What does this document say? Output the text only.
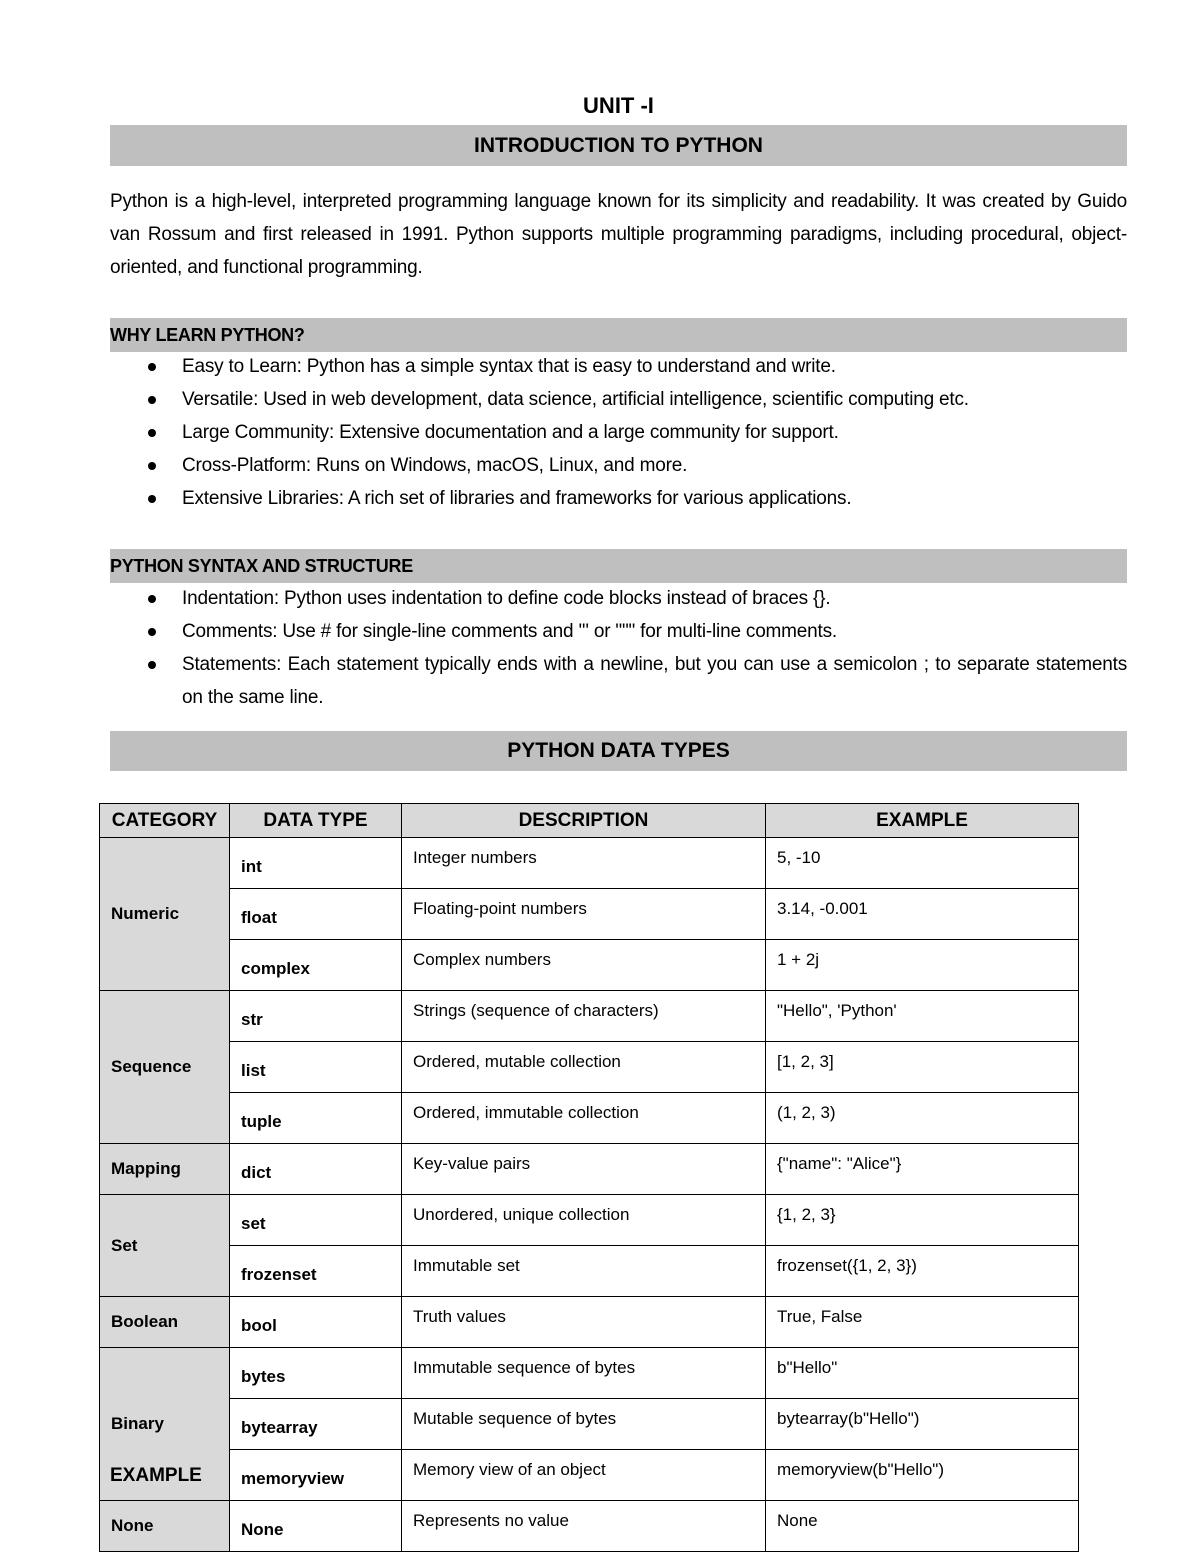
UNIT -I
INTRODUCTION TO PYTHON
Python is a high-level, interpreted programming language known for its simplicity and readability. It was created by Guido van Rossum and first released in 1991. Python supports multiple programming paradigms, including procedural, object-oriented, and functional programming.
WHY LEARN PYTHON?
Easy to Learn: Python has a simple syntax that is easy to understand and write.
Versatile: Used in web development, data science, artificial intelligence, scientific computing etc.
Large Community: Extensive documentation and a large community for support.
Cross-Platform: Runs on Windows, macOS, Linux, and more.
Extensive Libraries: A rich set of libraries and frameworks for various applications.
PYTHON SYNTAX AND STRUCTURE
Indentation: Python uses indentation to define code blocks instead of braces {}.
Comments: Use # for single-line comments and ''' or """ for multi-line comments.
Statements: Each statement typically ends with a newline, but you can use a semicolon ; to separate statements on the same line.
PYTHON DATA TYPES
CATEGORY	DATA TYPE	DESCRIPTION	EXAMPLE
Numeric	int	Integer numbers	5, -10
	float	Floating-point numbers	3.14, -0.001
	complex	Complex numbers	1 + 2j
Sequence	str	Strings (sequence of characters)	"Hello", 'Python'
	list	Ordered, mutable collection	[1, 2, 3]
	tuple	Ordered, immutable collection	(1, 2, 3)
Mapping	dict	Key-value pairs	{"name": "Alice"}
Set	set	Unordered, unique collection	{1, 2, 3}
	frozenset	Immutable set	frozenset({1, 2, 3})
Boolean	bool	Truth values	True, False
Binary	bytes	Immutable sequence of bytes	b"Hello"
	bytearray	Mutable sequence of bytes	bytearray(b"Hello")
	memoryview	Memory view of an object	memoryview(b"Hello")
None	None	Represents no value	None
EXAMPLE
